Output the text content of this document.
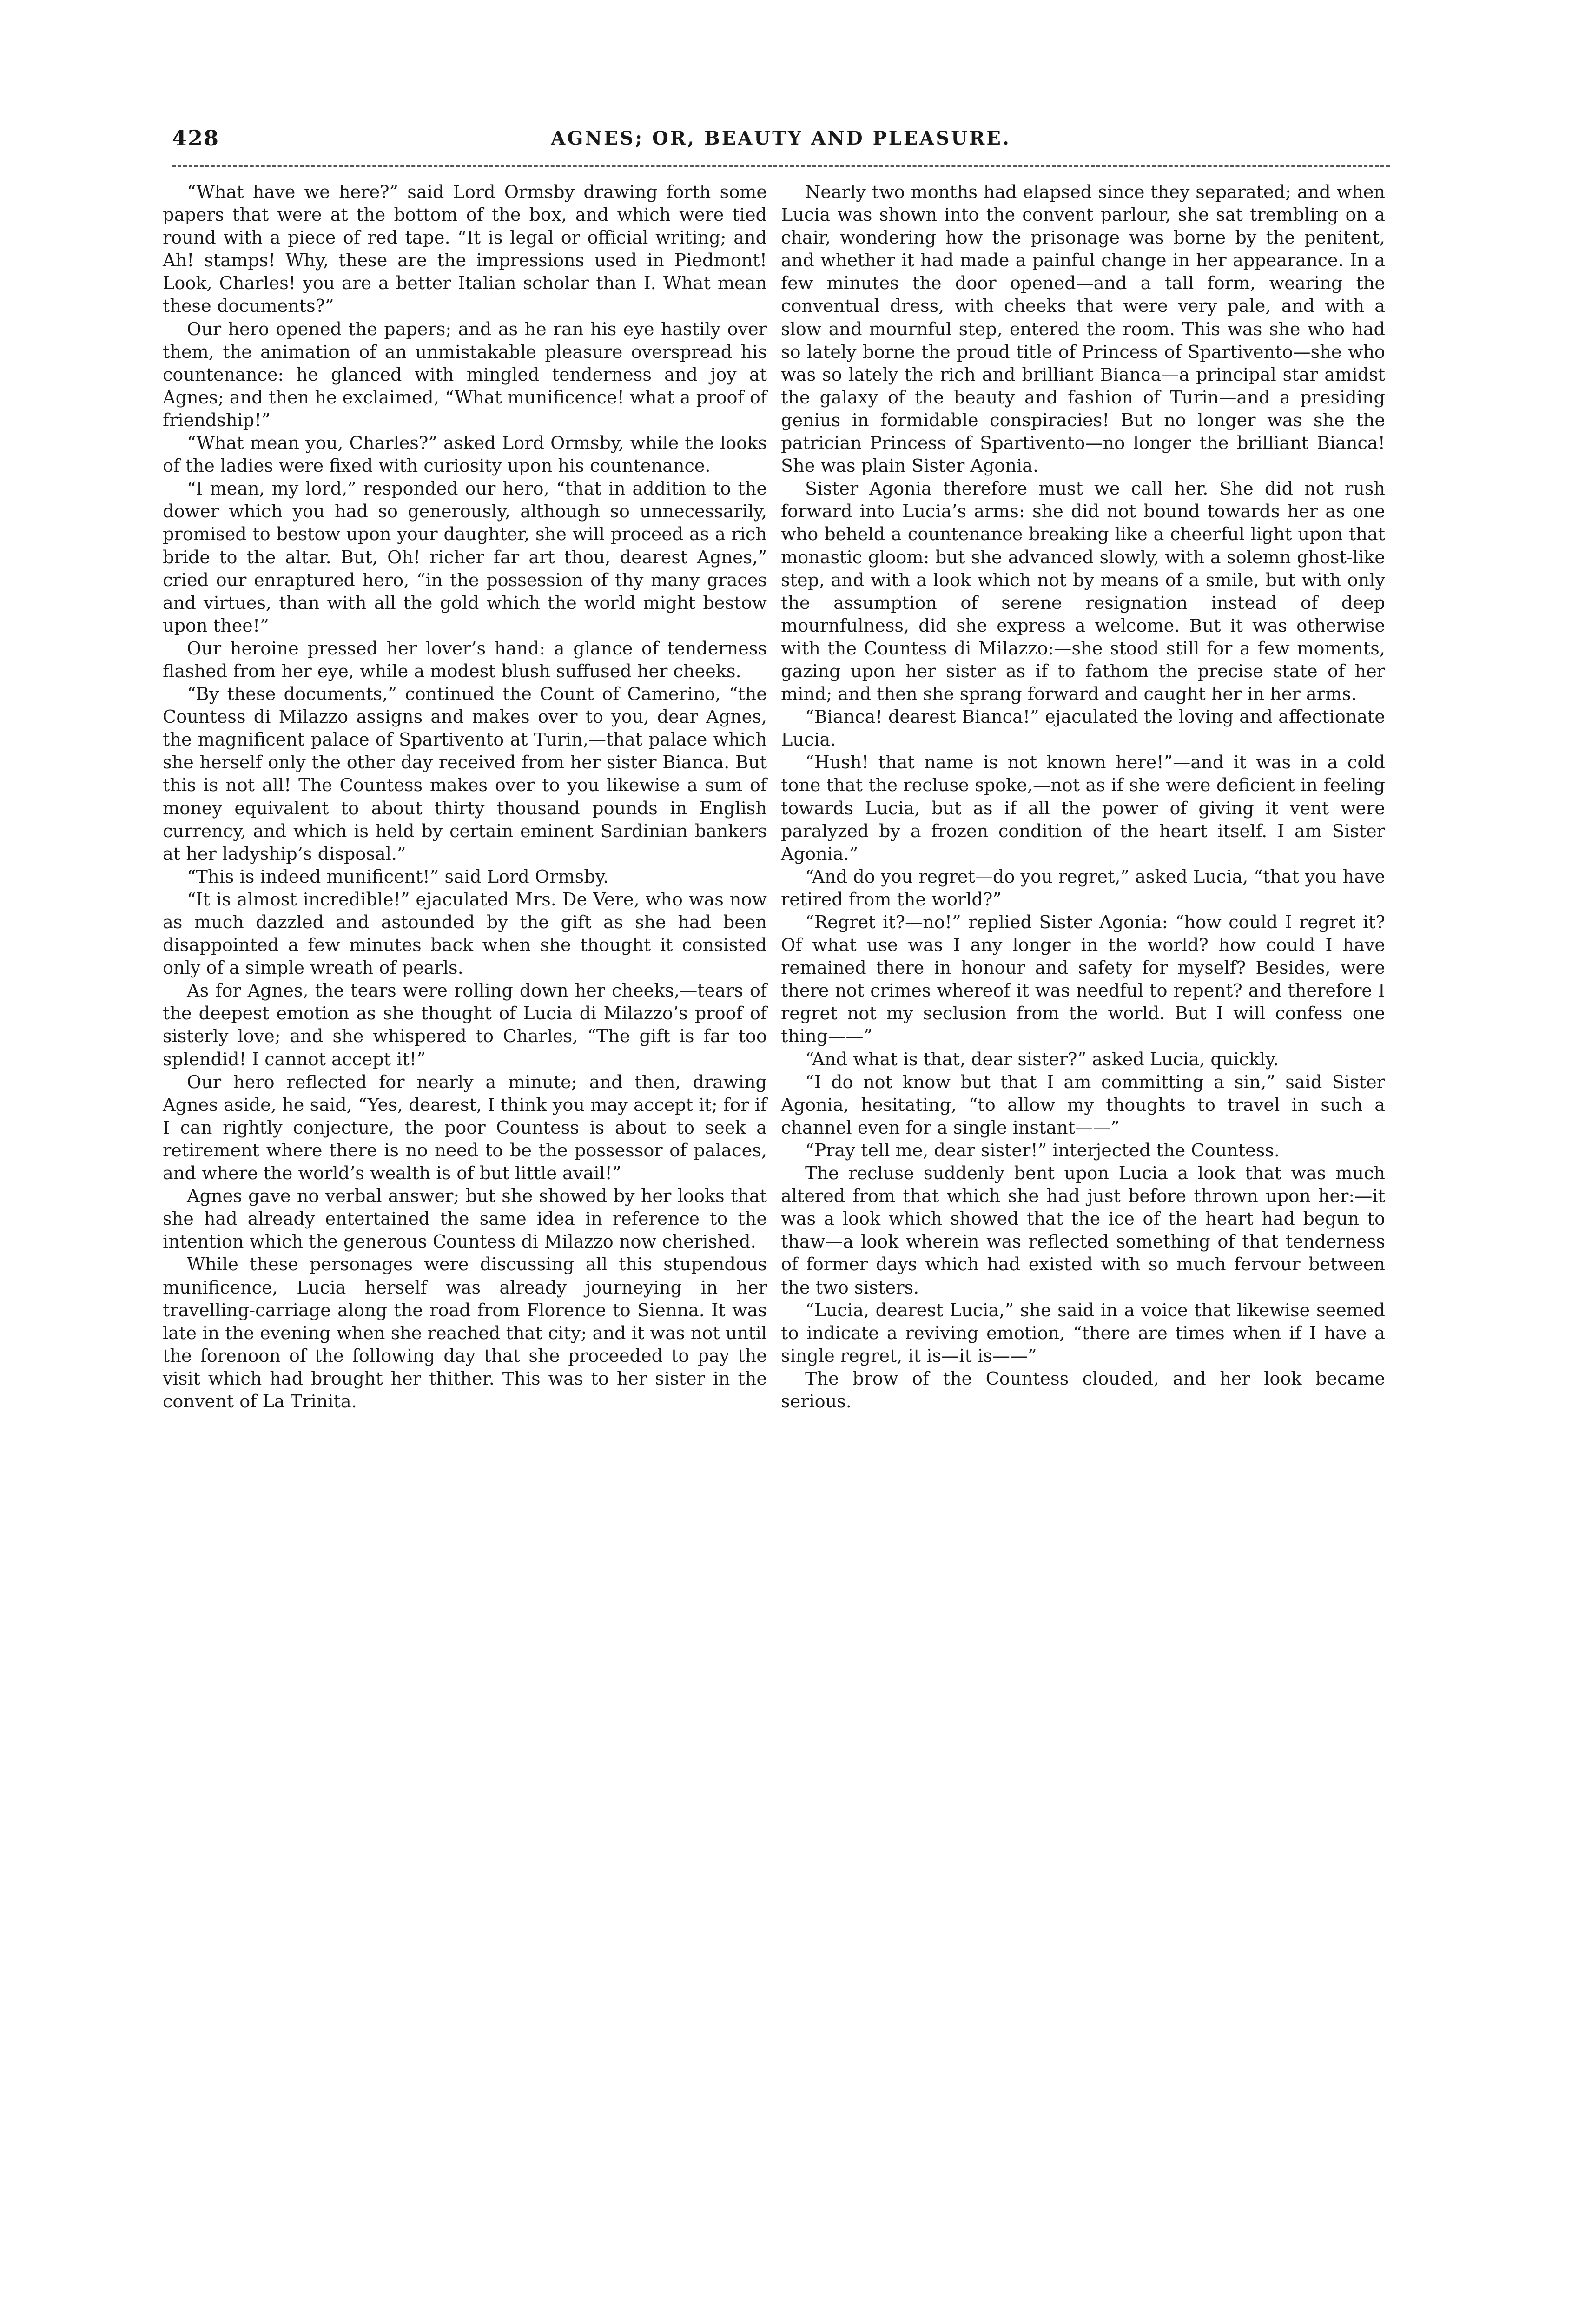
428	AGNES; OR, BEAUTY AND PLEASURE.

“What have we here?” said Lord Ormsby drawing forth some papers that were at the bottom of the box, and which were tied round with a piece of red tape. “It is legal or official writing; and Ah! stamps! Why, these are the impressions used in Piedmont! Look, Charles! you are a better Italian scholar than I. What mean these documents?”

Our hero opened the papers; and as he ran his eye hastily over them, the animation of an unmistakable pleasure overspread his countenance: he glanced with mingled tenderness and joy at Agnes; and then he exclaimed, “What munificence! what a proof of friendship!”

“What mean you, Charles?” asked Lord Ormsby, while the looks of the ladies were fixed with curiosity upon his countenance.

“I mean, my lord,” responded our hero, “that in addition to the dower which you had so generously, although so unnecessarily, promised to bestow upon your daughter, she will proceed as a rich bride to the altar. But, Oh! richer far art thou, dearest Agnes,” cried our enraptured hero, “in the possession of thy many graces and virtues, than with all the gold which the world might bestow upon thee!”

Our heroine pressed her lover’s hand: a glance of tenderness flashed from her eye, while a modest blush suffused her cheeks.

“By these documents,” continued the Count of Camerino, “the Countess di Milazzo assigns and makes over to you, dear Agnes, the magnificent palace of Spartivento at Turin,—that palace which she herself only the other day received from her sister Bianca. But this is not all! The Countess makes over to you likewise a sum of money equivalent to about thirty thousand pounds in English currency, and which is held by certain eminent Sardinian bankers at her ladyship’s disposal.”

“This is indeed munificent!” said Lord Ormsby.

“It is almost incredible!” ejaculated Mrs. De Vere, who was now as much dazzled and astounded by the gift as she had been disappointed a few minutes back when she thought it consisted only of a simple wreath of pearls.

As for Agnes, the tears were rolling down her cheeks,—tears of the deepest emotion as she thought of Lucia di Milazzo’s proof of sisterly love; and she whispered to Charles, “The gift is far too splendid! I cannot accept it!”

Our hero reflected for nearly a minute; and then, drawing Agnes aside, he said, “Yes, dearest, I think you may accept it; for if I can rightly conjecture, the poor Countess is about to seek a retirement where there is no need to be the possessor of palaces, and where the world’s wealth is of but little avail!”

Agnes gave no verbal answer; but she showed by her looks that she had already entertained the same idea in reference to the intention which the generous Countess di Milazzo now cherished.

While these personages were discussing all this stupendous munificence, Lucia herself was already journeying in her travelling-carriage along the road from Florence to Sienna. It was late in the evening when she reached that city; and it was not until the forenoon of the following day that she proceeded to pay the visit which had brought her thither. This was to her sister in the convent of La Trinita.

Nearly two months had elapsed since they separated; and when Lucia was shown into the convent parlour, she sat trembling on a chair, wondering how the prisonage was borne by the penitent, and whether it had made a painful change in her appearance. In a few minutes the door opened—and a tall form, wearing the conventual dress, with cheeks that were very pale, and with a slow and mournful step, entered the room. This was she who had so lately borne the proud title of Princess of Spartivento—she who was so lately the rich and brilliant Bianca—a principal star amidst the galaxy of the beauty and fashion of Turin—and a presiding genius in formidable conspiracies! But no longer was she the patrician Princess of Spartivento—no longer the brilliant Bianca! She was plain Sister Agonia.

Sister Agonia therefore must we call her. She did not rush forward into Lucia’s arms: she did not bound towards her as one who beheld a countenance breaking like a cheerful light upon that monastic gloom: but she advanced slowly, with a solemn ghost-like step, and with a look which not by means of a smile, but with only the assumption of serene resignation instead of deep mournfulness, did she express a welcome. But it was otherwise with the Countess di Milazzo:—she stood still for a few moments, gazing upon her sister as if to fathom the precise state of her mind; and then she sprang forward and caught her in her arms.

“Bianca! dearest Bianca!” ejaculated the loving and affectionate Lucia.

“Hush! that name is not known here!”—and it was in a cold tone that the recluse spoke,—not as if she were deficient in feeling towards Lucia, but as if all the power of giving it vent were paralyzed by a frozen condition of the heart itself. I am Sister Agonia.”

“And do you regret—do you regret,” asked Lucia, “that you have retired from the world?”

“Regret it?—no!” replied Sister Agonia: “how could I regret it? Of what use was I any longer in the world? how could I have remained there in honour and safety for myself? Besides, were there not crimes whereof it was needful to repent? and therefore I regret not my seclusion from the world. But I will confess one thing——”

“And what is that, dear sister?” asked Lucia, quickly.

“I do not know but that I am committing a sin,” said Sister Agonia, hesitating, “to allow my thoughts to travel in such a channel even for a single instant——”

“Pray tell me, dear sister!” interjected the Countess.

The recluse suddenly bent upon Lucia a look that was much altered from that which she had just before thrown upon her:—it was a look which showed that the ice of the heart had begun to thaw—a look wherein was reflected something of that tenderness of former days which had existed with so much fervour between the two sisters.

“Lucia, dearest Lucia,” she said in a voice that likewise seemed to indicate a reviving emotion, “there are times when if I have a single regret, it is—it is——”

The brow of the Countess clouded, and her look became serious.
